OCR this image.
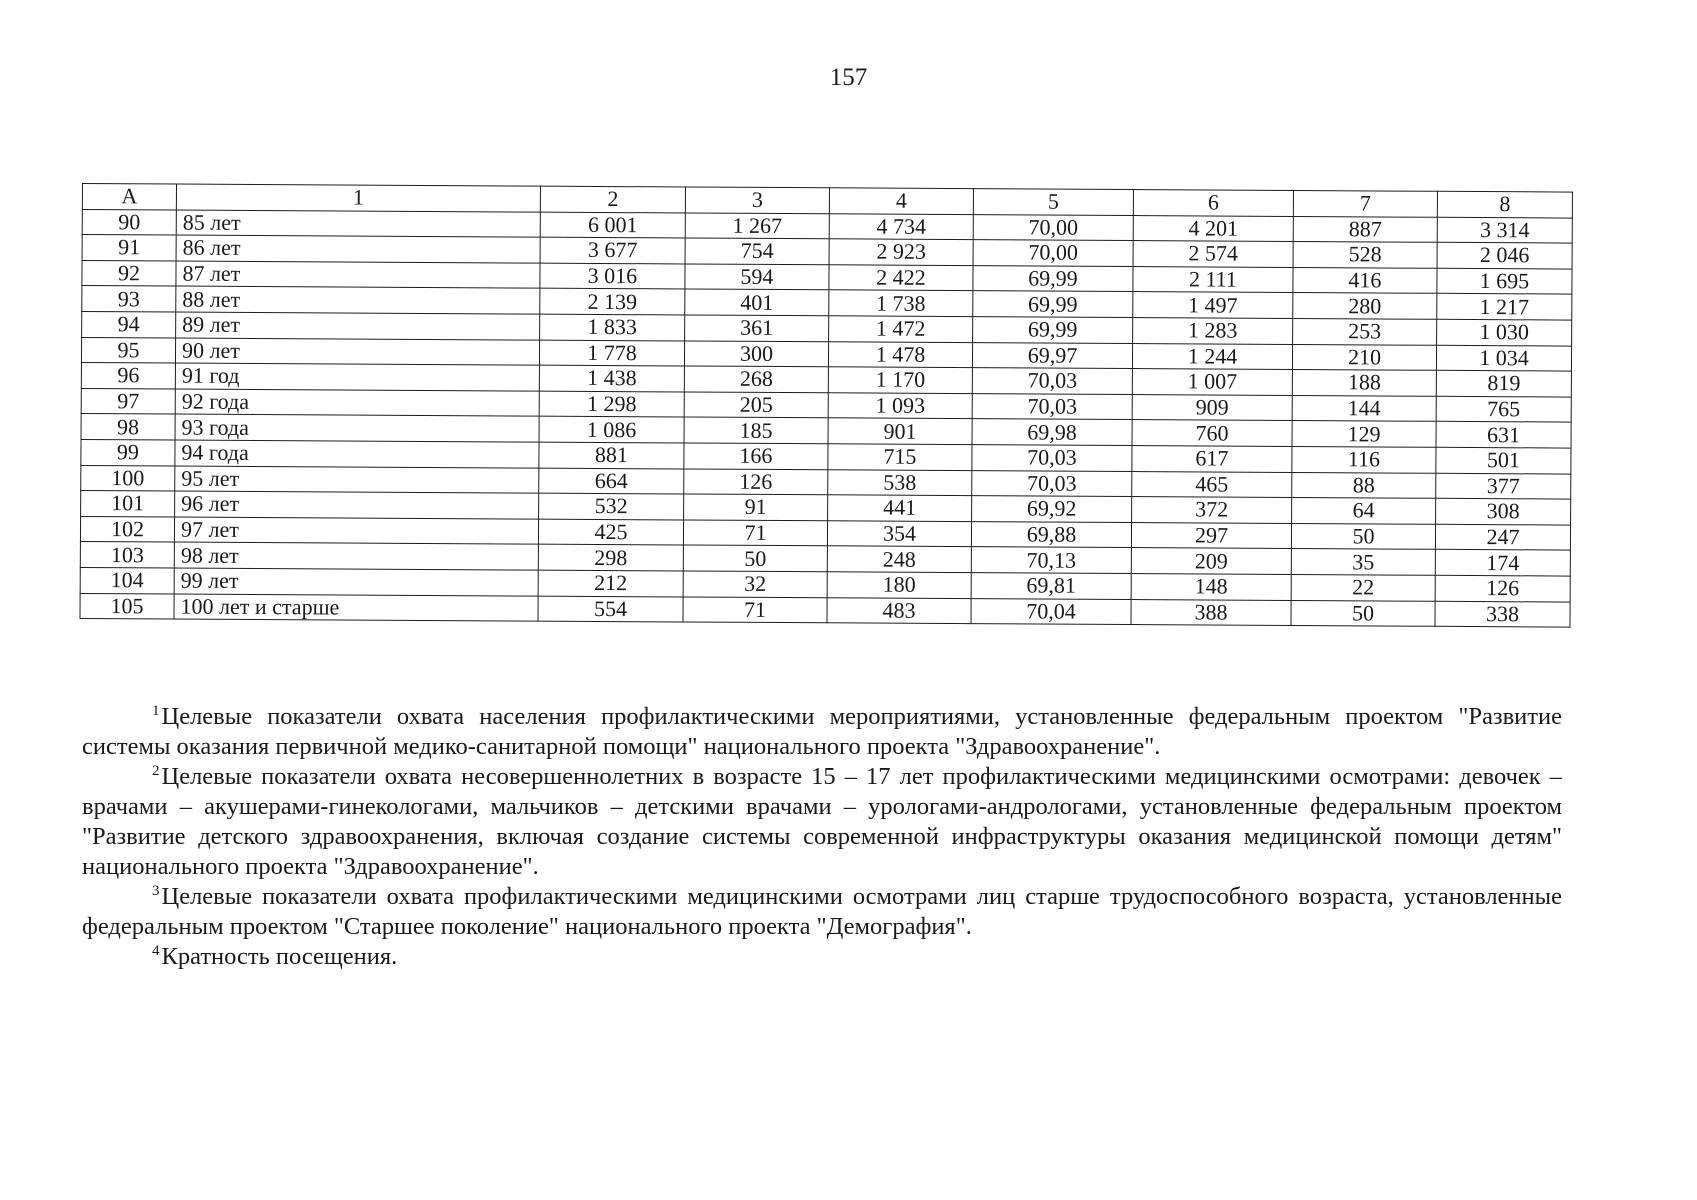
157
А	1	2	3	4	5	6	7	8
90	85 лет	6 001	1 267	4 734	70,00	4 201	887	3 314
91	86 лет	3 677	754	2 923	70,00	2 574	528	2 046
92	87 лет	3 016	594	2 422	69,99	2 111	416	1 695
93	88 лет	2 139	401	1 738	69,99	1 497	280	1 217
94	89 лет	1 833	361	1 472	69,99	1 283	253	1 030
95	90 лет	1 778	300	1 478	69,97	1 244	210	1 034
96	91 год	1 438	268	1 170	70,03	1 007	188	819
97	92 года	1 298	205	1 093	70,03	909	144	765
98	93 года	1 086	185	901	69,98	760	129	631
99	94 года	881	166	715	70,03	617	116	501
100	95 лет	664	126	538	70,03	465	88	377
101	96 лет	532	91	441	69,92	372	64	308
102	97 лет	425	71	354	69,88	297	50	247
103	98 лет	298	50	248	70,13	209	35	174
104	99 лет	212	32	180	69,81	148	22	126
105	100 лет и старше	554	71	483	70,04	388	50	338

$^1$Целевые показатели охвата населения профилактическими мероприятиями, установленные федеральным проектом "Развитие системы оказания первичной медико-санитарной помощи" национального проекта "Здравоохранение".

$^2$Целевые показатели охвата несовершеннолетних в возрасте 15 – 17 лет профилактическими медицинскими осмотрами: девочек – врачами – акушерами-гинекологами, мальчиков – детскими врачами – урологами-андрологами, установленные федеральным проектом "Развитие детского здравоохранения, включая создание системы современной инфраструктуры оказания медицинской помощи детям" национального проекта "Здравоохранение".

$^3$Целевые показатели охвата профилактическими медицинскими осмотрами лиц старше трудоспособного возраста, установленные федеральным проектом "Старшее поколение" национального проекта "Демография".

$^4$Кратность посещения.
